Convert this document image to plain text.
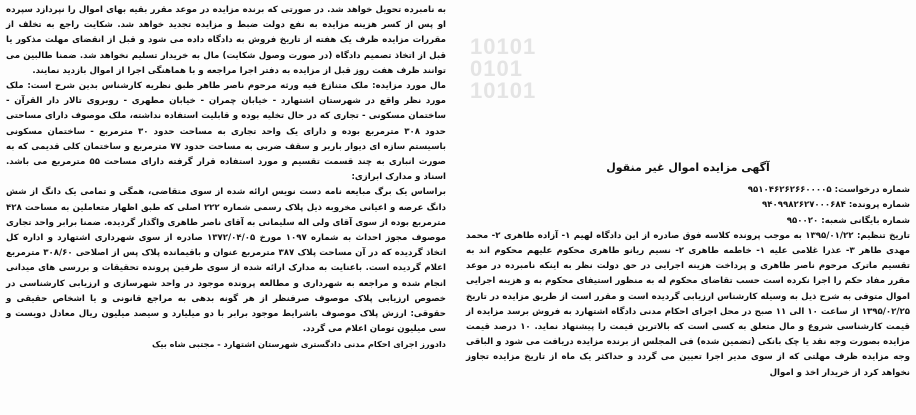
10101
0101
10101

به نامبرده تحویل خواهد شد. در صورتی که برنده مزایده در موعد مقرر بقیه بهای اموال را نپردازد سپرده او پس از کسر هزینه مزایده به نفع دولت ضبط و مزایده تجدید خواهد شد. شکایت راجع به تخلف از مقررات مزایده ظرف یک هفته از تاریخ فروش به دادگاه داده می شود و قبل از انقضای مهلت مذکور یا قبل از اتخاذ تصمیم دادگاه (در صورت وصول شکایت) مال به خریدار تسلیم نخواهد شد. ضمنا طالبین می توانند ظرف هفت روز قبل از مزایده به دفتر اجرا مراجعه و با هماهنگی اجرا از اموال بازدید نمایند.

مال مورد مزایده: ملک متنازع فیه ورثه مرحوم ناصر طاهر طبق نظریه کارشناس بدین شرح است: ملک مورد نظر واقع در شهرستان اشتهارد - خیابان چمران - خیابان مطهری - روبروی تالار دار القرآن - ساختمان مسکونی - تجاری که در حال تخلیه بوده و قابلیت استفاده نداشته، ملک موصوف دارای مساحتی حدود ۳۰۸ مترمربع بوده و دارای یک واحد تجاری به مساحت حدود ۳۰ مترمربع - ساختمان مسکونی باسیستم سازه ای دیوار باربر و سقف ضربی به مساحت حدود ۷۷ مترمربع و ساختمان کلی قدیمی که به صورت انباری به چند قسمت تقسیم و مورد استفاده قرار گرفته دارای مساحت ۵۵ مترمربع می باشد. اسناد و مدارک ابرازی:

براساس یک برگ مبایعه نامه دست نویس ارائه شده از سوی متقاضی، همگی و تمامی یک دانگ از شش دانگ عرصه و اعیانی مخروبه ذیل پلاک رسمی شماره ۲۲۲ اصلی که طبق اظهار متعاملین به مساحت ۴۲۸ مترمربع بوده از سوی آقای ولی اله سلیمانی به آقای ناصر طاهری واگذار گردیده. ضمنا برابر واحد تجاری موصوف مجوز احداث به شماره ۱۰۹۷ مورخ ۱۳۷۲/۰۴/۰۵ صادره از سوی شهرداری اشتهارد و اداره کل اتخاذ گردیده که در آن مساحت پلاک ۳۸۷ مترمربع عنوان و باقیمانده پلاک پس از اصلاحی ۳۰۸/۶۰ مترمربع اعلام گردیده است. باعنایت به مدارک ارائه شده از سوی طرفین پرونده تحقیقات و بررسی های میدانی انجام شده و مراجعه به شهرداری و مطالعه پرونده موجود در واحد شهرسازی و ارزیابی کارشناسی در خصوص ارزیابی پلاک موصوف صرفنظر از هر گونه بدهی به مراجع قانونی و یا اشخاص حقیقی و حقوقی: ارزش پلاک موصوف باشرایط موجود برابر با دو میلیارد و سیصد میلیون ریال معادل دویست و سی میلیون تومان اعلام می گردد.

دادورز اجرای احکام مدنی دادگستری شهرستان اشتهارد - مجتبی شاه بیک

آگهی مزایده اموال غیر منقول

شماره درخواست: ۹۵۱۰۴۶۲۶۲۶۶۰۰۰۰۵

شماره پرونده: ۹۴۰۹۹۸۲۶۲۷۰۰۰۶۸۴

شماره بایگانی شعبه: ۹۵۰۰۲۰

تاریخ تنظیم: ۱۳۹۵/۰۱/۲۲ به موجب پرونده کلاسه فوق صادره از این دادگاه لهیم ۱- آزاده طاهری ۲- محمد مهدی طاهر ۳- عذرا غلامی علیه ۱- خاطمه طاهری ۲- نسیم ریانو طاهری محکوم علیهم محکوم اند به تقسیم ماترک مرحوم ناصر طاهری و پرداخت هزینه اجرایی در حق دولت نظر به اینکه نامبرده در موعد مقرر مفاد حکم را اجرا نکرده است حسب تقاضای محکوم له به منظور استیفای محکوم به و هزینه اجرایی اموال متوفی به شرح ذیل به وسیله کارشناس ارزیابی گردیده است و مقرر است از طریق مزایده در تاریخ ۱۳۹۵/۰۲/۲۵ از ساعت ۱۰ الی ۱۱ صبح در محل اجرای احکام مدنی دادگاه اشتهارد به فروش برسد مزایده از قیمت کارشناسی شروع و مال متعلق به کسی است که بالاترین قیمت را پیشنهاد نماید. ۱۰ درصد قیمت مزایده بصورت وجه نقد یا چک بانکی (تضمین شده) فی المجلس از برنده مزایده دریافت می شود و الباقی وجه مزایده ظرف مهلتی که از سوی مدیر اجرا تعیین می گردد و حداکثر یک ماه از تاریخ مزایده تجاوز نخواهد کرد از خریدار اخذ و اموال
